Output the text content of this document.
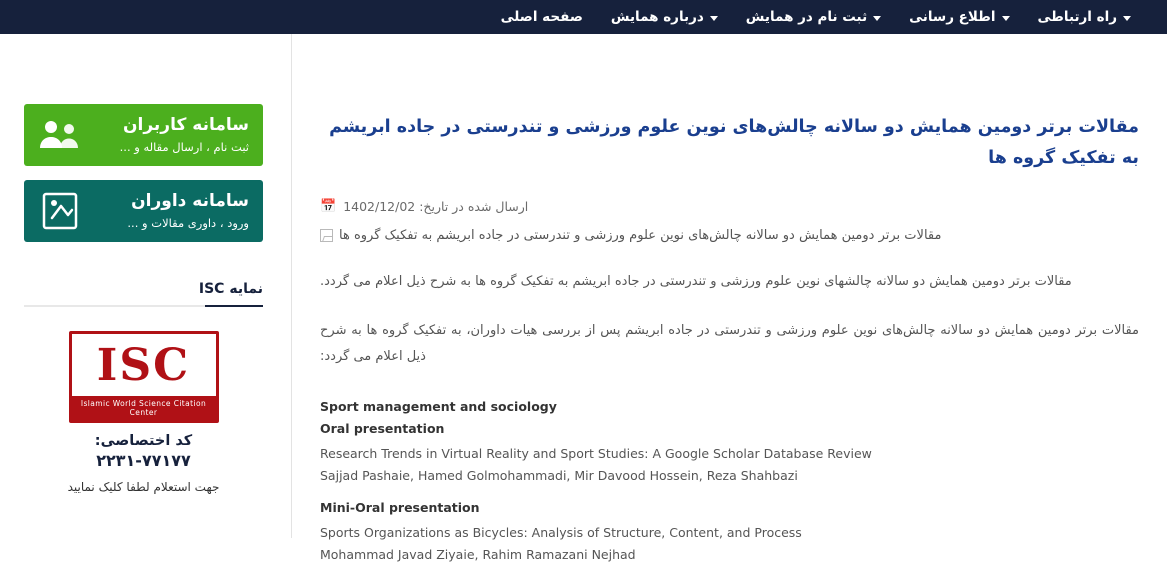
راه ارتباطی
اطلاع رسانی
ثبت نام در همایش
درباره همایش
صفحه اصلی
مقالات برتر دومین همایش دو سالانه چالش‌های نوین علوم ورزشی و تندرستی در جاده ابریشم به تفکیک گروه ها
📅 ارسال شده در تاریخ: 1402/12/02
مقالات برتر دومین همایش دو سالانه چالش‌های نوین علوم ورزشی و تندرستی در جاده ابریشم به تفکیک گروه ها

مقالات برتر دومین همایش دو سالانه چالشهای نوین علوم ورزشی و تندرستی در جاده ابریشم به تفکیک گروه ها به شرح ذیل اعلام می گردد.

مقالات برتر دومین همایش دو سالانه چالش‌های نوین علوم ورزشی و تندرستی در جاده ابریشم پس از بررسی هیات داوران، به تفکیک گروه ها به شرح ذیل اعلام می گردد:

Sport management and sociology
Oral presentation
Research Trends in Virtual Reality and Sport Studies: A Google Scholar Database Review
Sajjad Pashaie, Hamed Golmohammadi, Mir Davood Hossein, Reza Shahbazi
Mini-Oral presentation
Sports Organizations as Bicycles: Analysis of Structure, Content, and Process
Mohammad Javad Ziyaie, Rahim Ramazani Nejhad
سامانه کاربران
ثبت نام ، ارسال مقاله و ...
سامانه داوران
ورود ، داوری مقالات و ...
نمایه ISC
ISC
Islamic World Science Citation Center
کد اختصاصی:
۲۲۳۱-۷۷۱۷۷
جهت استعلام لطفا کلیک نمایید
